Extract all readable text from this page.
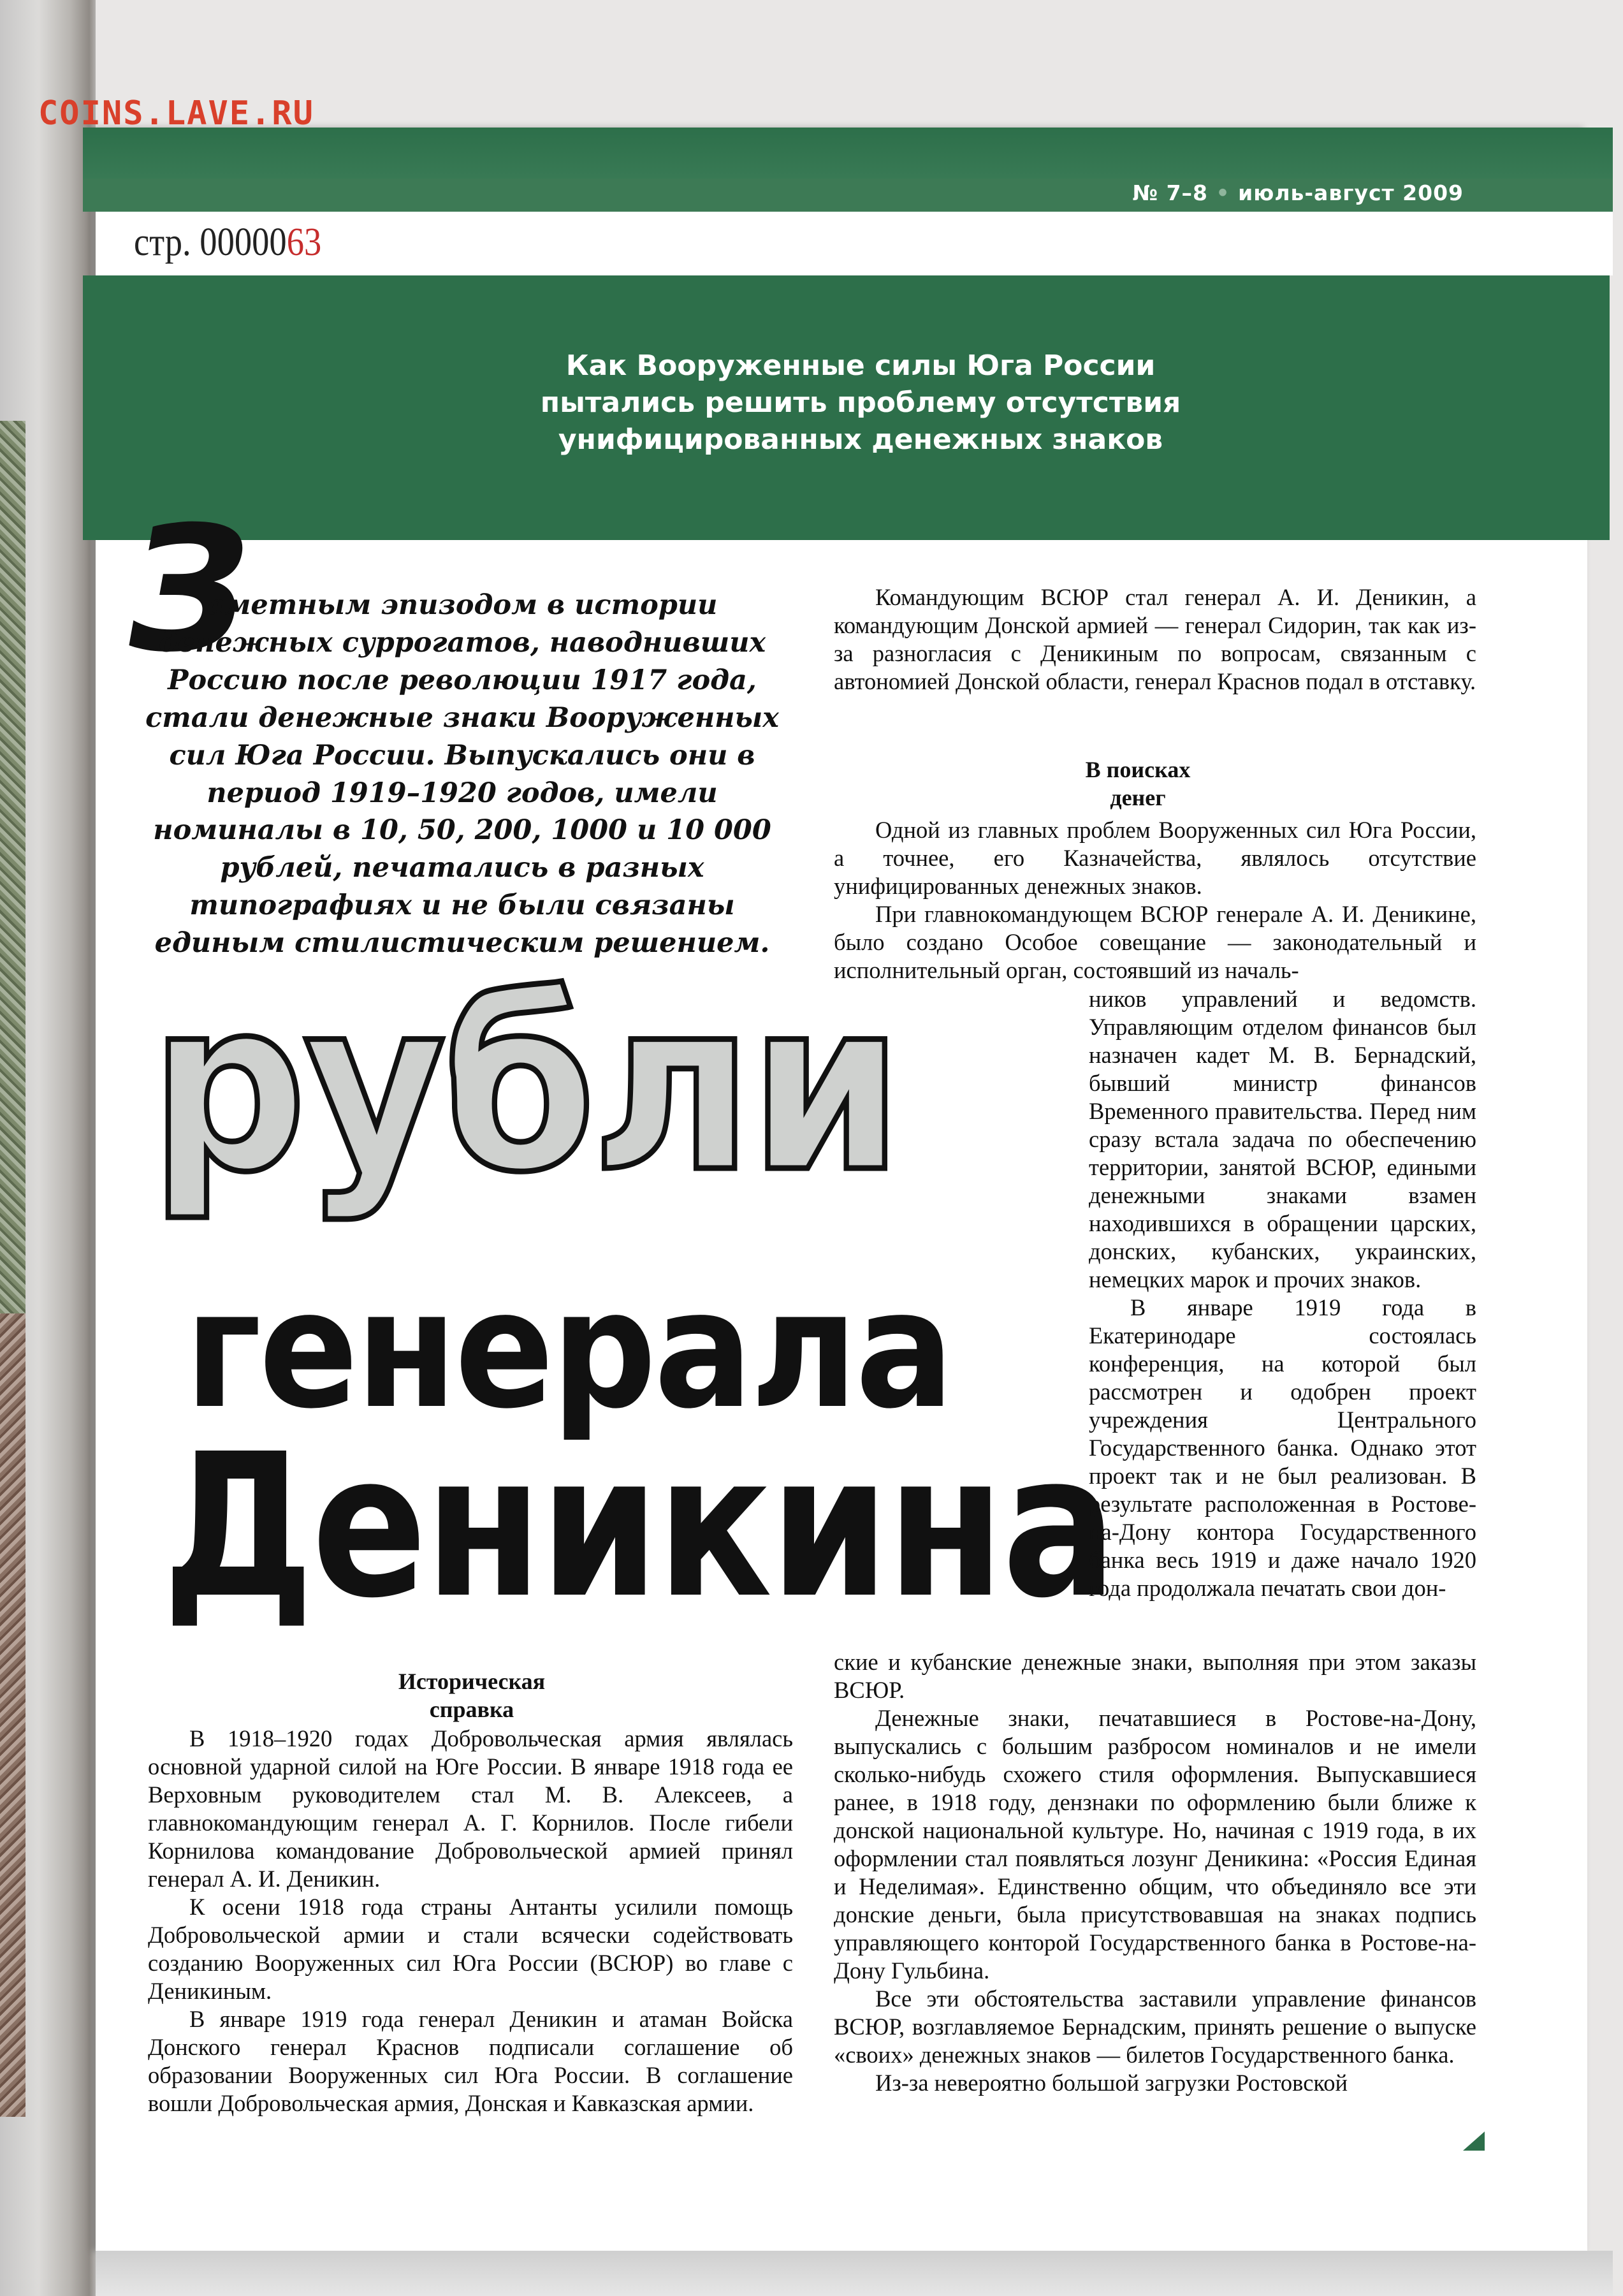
№ 7–8 • июль-август 2009
стр. 0000063
Как Вооруженные силы Юга России
пытались решить проблему отсутствия
унифицированных денежных знаков
COINS.LAVE.RU
З
аметным эпизодом в истории денежных суррогатов, наводнивших Россию после революции 1917 года, стали денежные знаки Вооруженных сил Юга России. Выпускались они в период 1919–1920 годов, имели номиналы в 10, 50, 200, 1000 и 10 000 рублей, печатались в разных типографиях и не были связаны единым стилистическим решением.
рубли
генерала
Деникина
Историческая
справка

В 1918–1920 годах Добровольческая армия являлась основной ударной силой на Юге России. В январе 1918 года ее Верховным руководителем стал М. В. Алексеев, а главнокомандующим генерал А. Г. Корнилов. После гибели Корнилова командование Добровольческой армией принял генерал А. И. Деникин.

К осени 1918 года страны Антанты усилили помощь Добровольческой армии и стали всячески содействовать созданию Вооруженных сил Юга России (ВСЮР) во главе с Деникиным.

В январе 1919 года генерал Деникин и атаман Войска Донского генерал Краснов подписали соглашение об образовании Вооруженных сил Юга России. В соглашение вошли Добровольческая армия, Донская и Кавказская армии.

Командующим ВСЮР стал генерал А. И. Деникин, а командующим Донской армией — генерал Сидорин, так как из-за разногласия с Деникиным по вопросам, связанным с автономией Донской области, генерал Краснов подал в отставку.

В поисках
денег

Одной из главных проблем Вооруженных сил Юга России, а точнее, его Казначейства, являлось отсутствие унифицированных денежных знаков.

При главнокомандующем ВСЮР генерале А. И. Деникине, было создано Особое совещание — законодательный и исполнительный орган, состоявший из началь-

ников управлений и ведомств. Управляющим отделом финансов был назначен кадет М. В. Бернадский, бывший министр финансов Временного правительства. Перед ним сразу встала задача по обеспечению территории, занятой ВСЮР, едиными денежными знаками взамен находившихся в обращении царских, донских, кубанских, украинских, немецких марок и прочих знаков.

В январе 1919 года в Екатеринодаре состоялась конференция, на которой был рассмотрен и одобрен проект учреждения Центрального Государственного банка. Однако этот проект так и не был реализован. В результате расположенная в Ростове-на-Дону контора Государственного банка весь 1919 и даже начало 1920 года продолжала печатать свои дон-

ские и кубанские денежные знаки, выполняя при этом заказы ВСЮР.

Денежные знаки, печатавшиеся в Ростове-на-Дону, выпускались с большим разбросом номиналов и не имели сколько-нибудь схожего стиля оформления. Выпускавшиеся ранее, в 1918 году, дензнаки по оформлению были ближе к донской национальной культуре. Но, начиная с 1919 года, в их оформлении стал появляться лозунг Деникина: «Россия Единая и Неделимая». Единственно общим, что объединяло все эти донские деньги, была присутствовавшая на знаках подпись управляющего конторой Государственного банка в Ростове-на-Дону Гульбина.

Все эти обстоятельства заставили управление финансов ВСЮР, возглавляемое Бернадским, принять решение о выпуске «своих» денежных знаков — билетов Государственного банка.

Из-за невероятно большой загрузки Ростовской
